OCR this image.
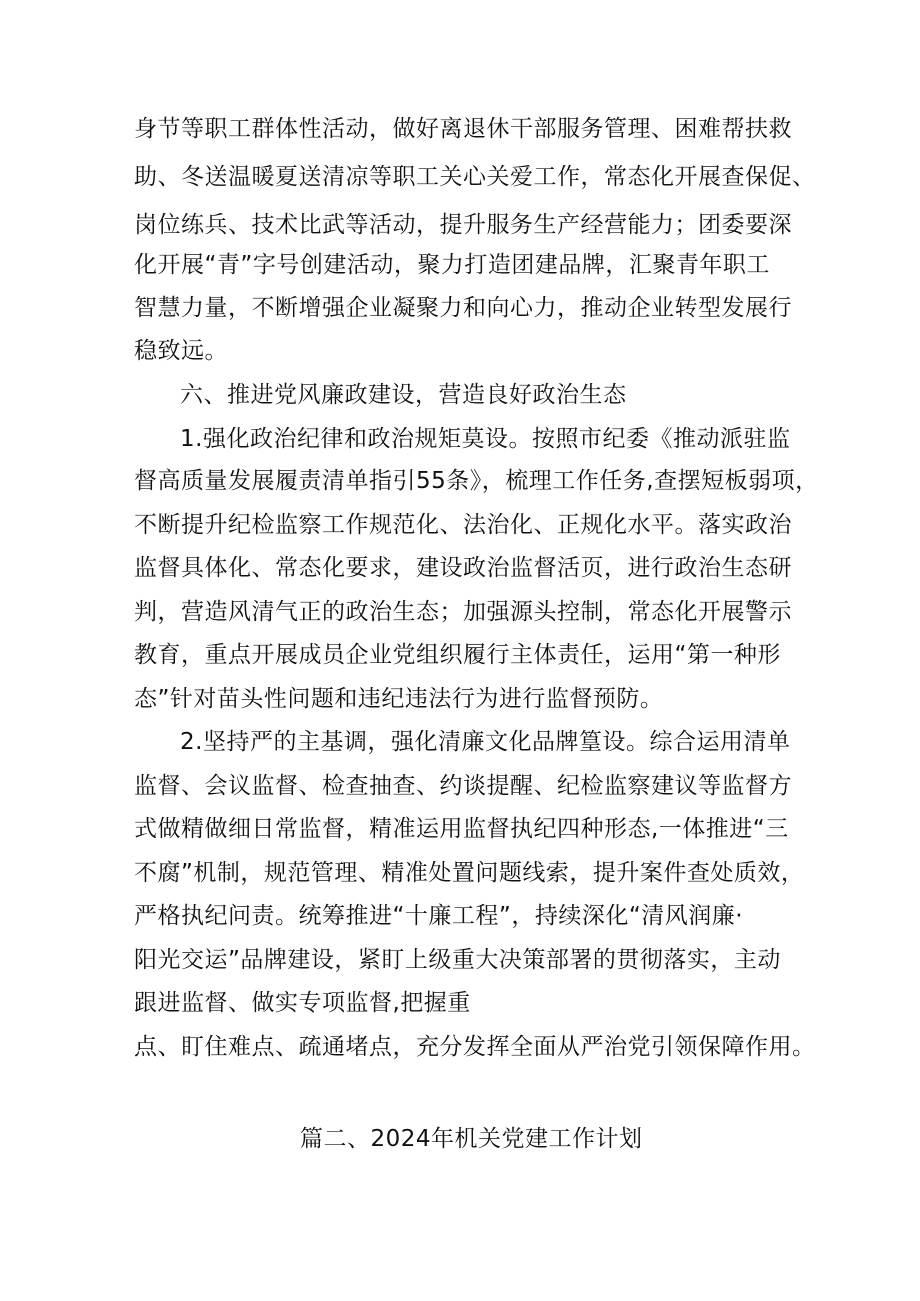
身节等职工群体性活动，做好离退休干部服务管理、困难帮扶救
助、冬送温暖夏送清凉等职工关心关爱工作，常态化开展查保促、
岗位练兵、技术比武等活动，提升服务生产经营能力；团委要深
化开展“青”字号创建活动，聚力打造团建品牌，汇聚青年职工
智慧力量，不断增强企业凝聚力和向心力，推动企业转型发展行
稳致远。
六、推进党风廉政建设，营造良好政治生态
1.强化政治纪律和政治规矩莫设。按照市纪委《推动派驻监
督高质量发展履责清单指引55条》，梳理工作任务,查摆短板弱项，
不断提升纪检监察工作规范化、法治化、正规化水平。落实政治
监督具体化、常态化要求，建设政治监督活页，进行政治生态研
判，营造风清气正的政治生态；加强源头控制，常态化开展警示
教育，重点开展成员企业党组织履行主体责任，运用“第一种形
态”针对苗头性问题和违纪违法行为进行监督预防。
2.坚持严的主基调，强化清廉文化品牌篁设。综合运用清单
监督、会议监督、检查抽查、约谈提醒、纪检监察建议等监督方
式做精做细日常监督，精准运用监督执纪四种形态,一体推进“三
不腐”机制，规范管理、精准处置问题线索，提升案件查处质效，
严格执纪问责。统筹推进“十廉工程”，持续深化“清风润廉·
阳光交运”品牌建设，紧盯上级重大决策部署的贯彻落实，主动
跟进监督、做实专项监督,把握重
点、盯住难点、疏通堵点，充分发挥全面从严治党引领保障作用。
篇二、2024年机关党建工作计划
